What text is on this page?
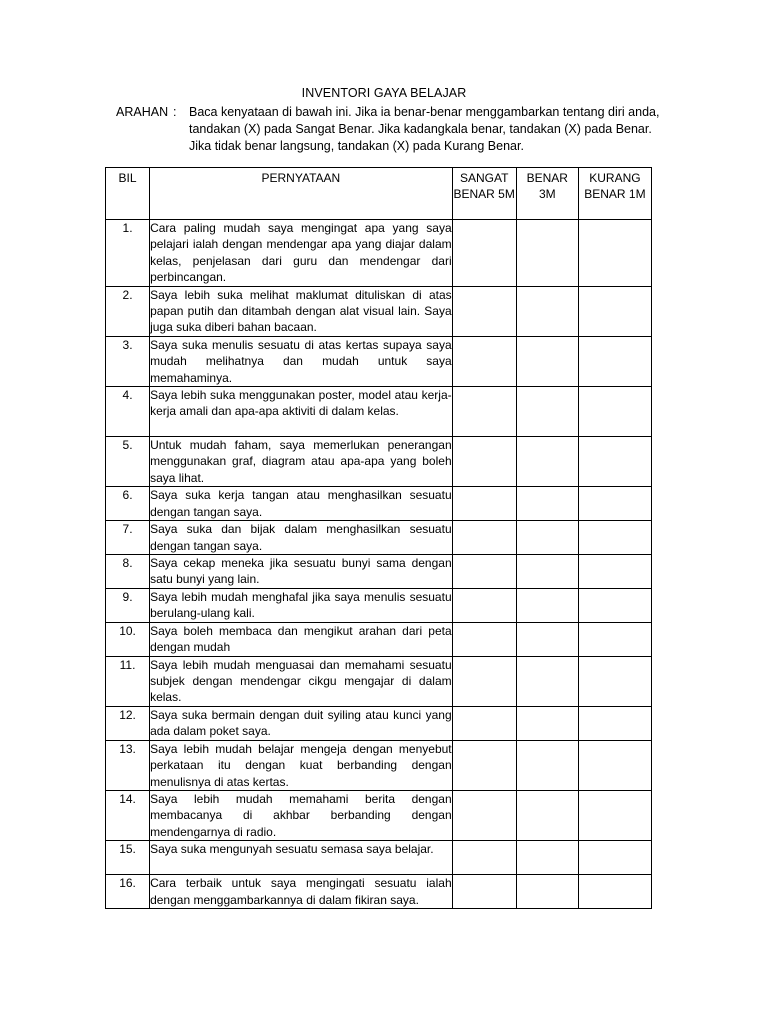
INVENTORI GAYA BELAJAR
ARAHAN :	Baca kenyataan di bawah ini. Jika ia benar-benar menggambarkan tentang diri anda,
tandakan (X) pada Sangat Benar. Jika kadangkala benar, tandakan (X) pada Benar.
Jika tidak benar langsung, tandakan (X) pada Kurang Benar.
BIL	PERNYATAAN	SANGAT BENAR 5M	BENAR 3M	KURANG BENAR 1M
1.	Cara paling mudah saya mengingat apa yang saya pelajari ialah dengan mendengar apa yang diajar dalam kelas, penjelasan dari guru dan mendengar dari perbincangan.			
2.	Saya lebih suka melihat maklumat dituliskan di atas papan putih dan ditambah dengan alat visual lain. Saya juga suka diberi bahan bacaan.			
3.	Saya suka menulis sesuatu di atas kertas supaya saya mudah melihatnya dan mudah untuk saya memahaminya.			
4.	Saya lebih suka menggunakan poster, model atau kerja-kerja amali dan apa-apa aktiviti di dalam kelas.			
5.	Untuk mudah faham, saya memerlukan penerangan menggunakan graf, diagram atau apa-apa yang boleh saya lihat.			
6.	Saya suka kerja tangan atau menghasilkan sesuatu dengan tangan saya.			
7.	Saya suka dan bijak dalam menghasilkan sesuatu dengan tangan saya.			
8.	Saya cekap meneka jika sesuatu bunyi sama dengan satu bunyi yang lain.			
9.	Saya lebih mudah menghafal jika saya menulis sesuatu berulang-ulang kali.			
10.	Saya boleh membaca dan mengikut arahan dari peta dengan mudah			
11.	Saya lebih mudah menguasai dan memahami sesuatu subjek dengan mendengar cikgu mengajar di dalam kelas.			
12.	Saya suka bermain dengan duit syiling atau kunci yang ada dalam poket saya.			
13.	Saya lebih mudah belajar mengeja dengan menyebut perkataan itu dengan kuat berbanding dengan menulisnya di atas kertas.			
14.	Saya lebih mudah memahami berita dengan membacanya di akhbar berbanding dengan mendengarnya di radio.			
15.	Saya suka mengunyah sesuatu semasa saya belajar.			
16.	Cara terbaik untuk saya mengingati sesuatu ialah dengan menggambarkannya di dalam fikiran saya.			
